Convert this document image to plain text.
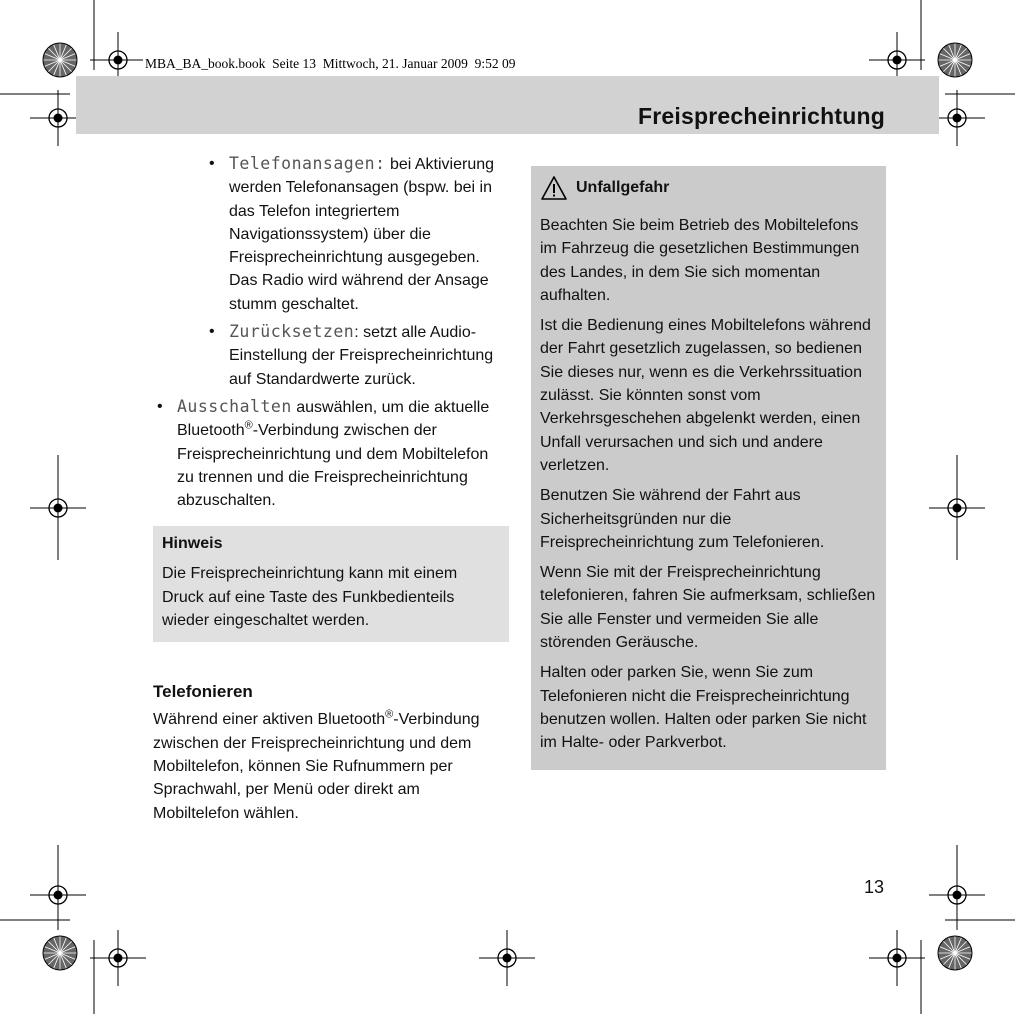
MBA_BA_book.book  Seite 13  Mittwoch, 21. Januar 2009  9:52 09
Freisprecheinrichtung
• Telefonansagen: bei Aktivierung werden Telefonansagen (bspw. bei in das Telefon integriertem Navigationssystem) über die Freisprecheinrichtung ausgegeben. Das Radio wird während der Ansage stumm geschaltet.
• Zurücksetzen: setzt alle Audio-Einstellung der Freisprecheinrichtung auf Standardwerte zurück.
• Ausschalten auswählen, um die aktuelle Bluetooth®-Verbindung zwischen der Freisprecheinrichtung und dem Mobiltelefon zu trennen und die Freisprecheinrichtung abzuschalten.
Hinweis
Die Freisprecheinrichtung kann mit einem Druck auf eine Taste des Funkbedienteils wieder eingeschaltet werden.
Telefonieren
Während einer aktiven Bluetooth®-Verbindung zwischen der Freisprecheinrichtung und dem Mobiltelefon, können Sie Rufnummern per Sprachwahl, per Menü oder direkt am Mobiltelefon wählen.
Unfallgefahr

Beachten Sie beim Betrieb des Mobiltelefons im Fahrzeug die gesetzlichen Bestimmungen des Landes, in dem Sie sich momentan aufhalten.

Ist die Bedienung eines Mobiltelefons während der Fahrt gesetzlich zugelassen, so bedienen Sie dieses nur, wenn es die Verkehrssituation zulässt. Sie könnten sonst vom Verkehrsgeschehen abgelenkt werden, einen Unfall verursachen und sich und andere verletzen.

Benutzen Sie während der Fahrt aus Sicherheitsgründen nur die Freisprecheinrichtung zum Telefonieren.

Wenn Sie mit der Freisprecheinrichtung telefonieren, fahren Sie aufmerksam, schließen Sie alle Fenster und vermeiden Sie alle störenden Geräusche.

Halten oder parken Sie, wenn Sie zum Telefonieren nicht die Freisprecheinrichtung benutzen wollen. Halten oder parken Sie nicht im Halte- oder Parkverbot.

13
